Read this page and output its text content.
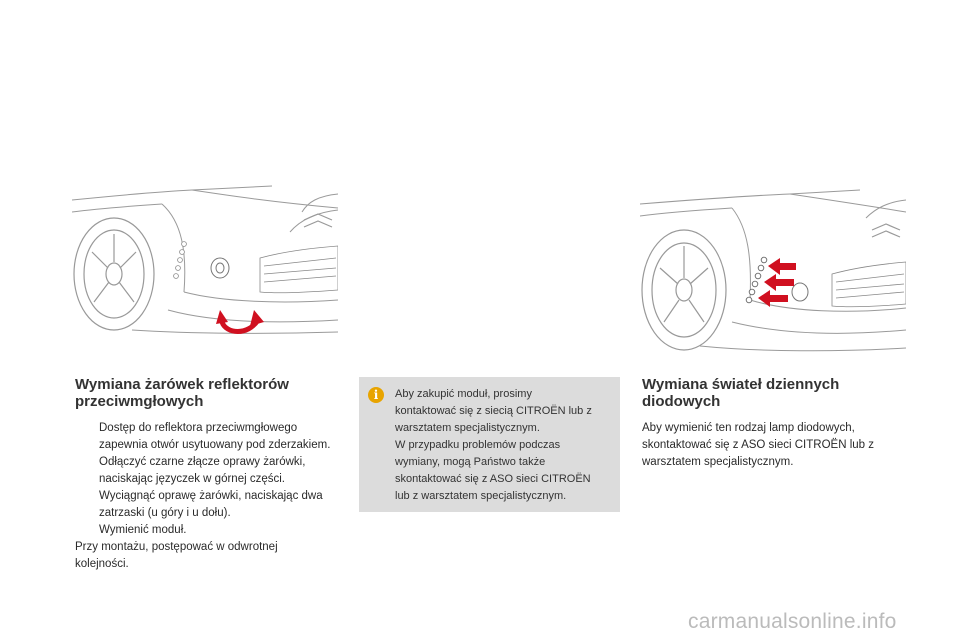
Wymiana żarówek reflektorów przeciwmgłowych
Dostęp do reflektora przeciwmgłowego zapewnia otwór usytuowany pod zderzakiem.
Odłączyć czarne złącze oprawy żarówki, naciskając języczek w górnej części.
Wyciągnąć oprawę żarówki, naciskając dwa zatrzaski (u góry i u dołu).
Wymienić moduł.

Przy montażu, postępować w odwrotnej kolejności.

i	Aby zakupić moduł, prosimy
kontaktować się z siecią CITROËN lub z
warsztatem specjalistycznym.
W przypadku problemów podczas
wymiany, mogą Państwo także
skontaktować się z ASO sieci CITROËN
lub z warsztatem specjalistycznym.
Wymiana świateł dziennych diodowych

Aby wymienić ten rodzaj lamp diodowych, skontaktować się z ASO sieci CITROËN lub z warsztatem specjalistycznym.

carmanualsonline.info
